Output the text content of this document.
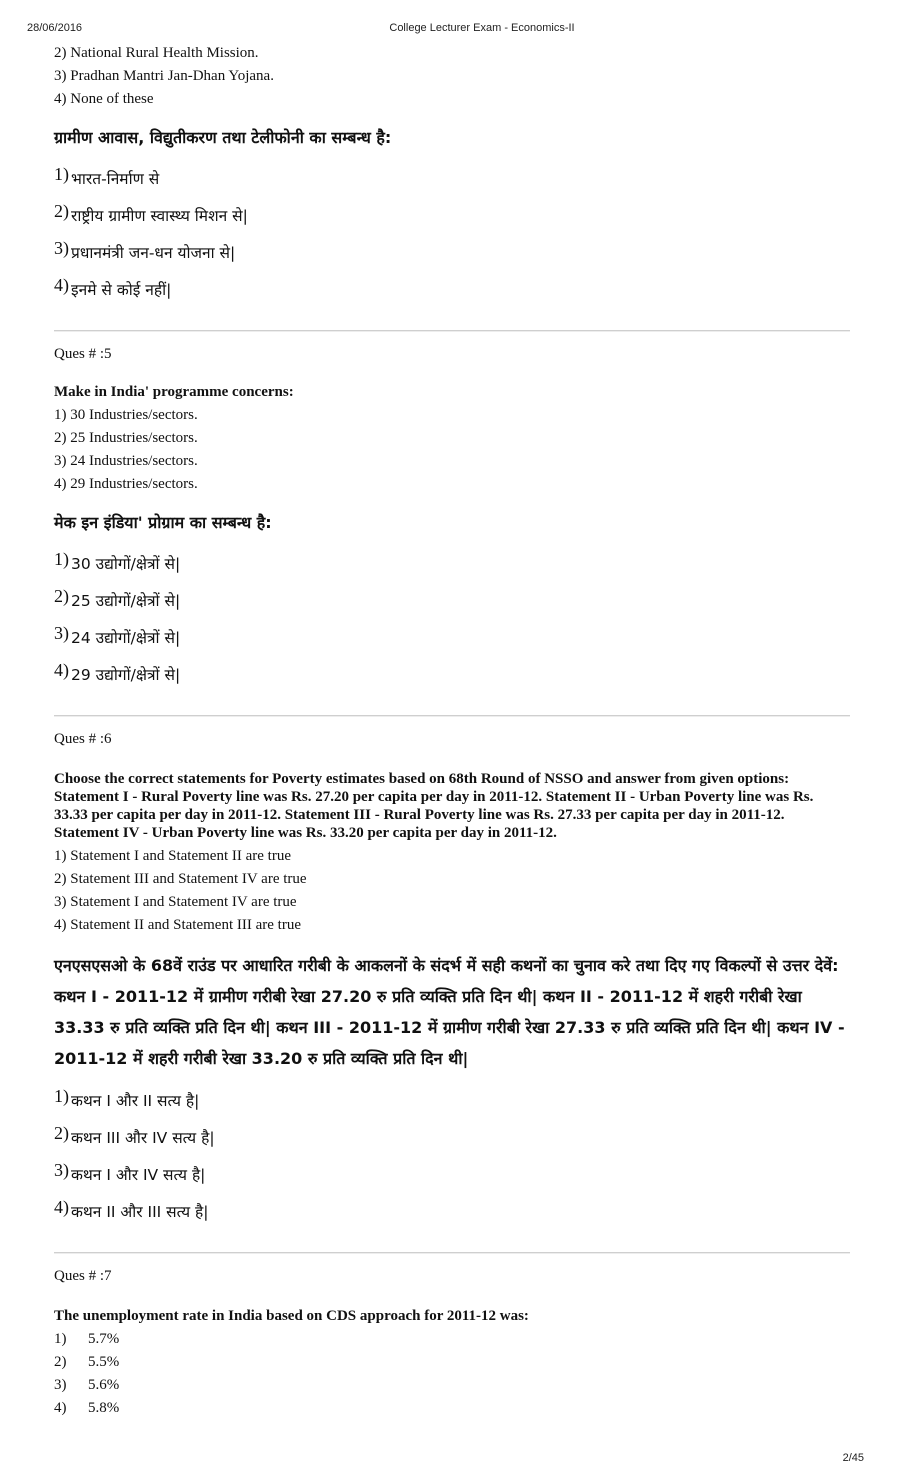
28/06/2016	College Lecturer Exam - Economics-II

2) National Rural Health Mission.

3) Pradhan Mantri Jan-Dhan Yojana.

4) None of these

ग्रामीण आवास, विद्युतीकरण तथा टेलीफोनी का सम्बन्ध है:

1) भारत-निर्माण से

2) राष्ट्रीय ग्रामीण स्वास्थ्य मिशन से|

3) प्रधानमंत्री जन-धन योजना से|

4) इनमे से कोई नहीं|

Ques # :5

Make in India' programme concerns:

1) 30 Industries/sectors.

2) 25 Industries/sectors.

3) 24 Industries/sectors.

4) 29 Industries/sectors.

मेक इन इंडिया' प्रोग्राम का सम्बन्ध है:

1) 30 उद्योगों/क्षेत्रों से|

2) 25 उद्योगों/क्षेत्रों से|

3) 24 उद्योगों/क्षेत्रों से|

4) 29 उद्योगों/क्षेत्रों से|

Ques # :6

Choose the correct statements for Poverty estimates based on 68th Round of NSSO and answer from given options: Statement I - Rural Poverty line was Rs. 27.20 per capita per day in 2011-12. Statement II - Urban Poverty line was Rs. 33.33 per capita per day in 2011-12. Statement III - Rural Poverty line was Rs. 27.33 per capita per day in 2011-12. Statement IV - Urban Poverty line was Rs. 33.20 per capita per day in 2011-12.

1) Statement I and Statement II are true

2) Statement III and Statement IV are true

3) Statement I and Statement IV are true

4) Statement II and Statement III are true

एनएसएसओ के 68वें राउंड पर आधारित गरीबी के आकलनों के संदर्भ में सही कथनों का चुनाव करे तथा दिए गए विकल्पों से उत्तर देवें: कथन I - 2011-12 में ग्रामीण गरीबी रेखा 27.20 रु प्रति व्यक्ति प्रति दिन थी| कथन II - 2011-12 में शहरी गरीबी रेखा 33.33 रु प्रति व्यक्ति प्रति दिन थी| कथन III - 2011-12 में ग्रामीण गरीबी रेखा 27.33 रु प्रति व्यक्ति प्रति दिन थी| कथन IV - 2011-12 में शहरी गरीबी रेखा 33.20 रु प्रति व्यक्ति प्रति दिन थी|

1) कथन I और II सत्य है|

2) कथन III और IV सत्य है|

3) कथन I और IV सत्य है|

4) कथन II और III सत्य है|

Ques # :7

The unemployment rate in India based on CDS approach for 2011-12 was:

1) 5.7%

2) 5.5%

3) 5.6%

4) 5.8%

2/45
